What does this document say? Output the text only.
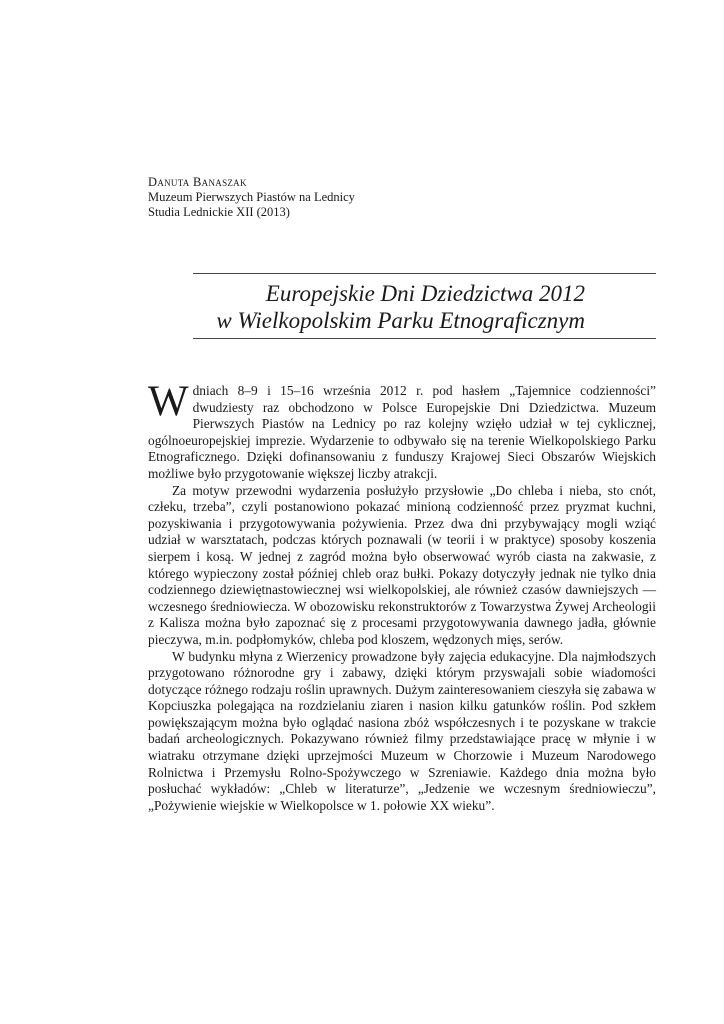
Danuta Banaszak
Muzeum Pierwszych Piastów na Lednicy
Studia Lednickie XII (2013)
Europejskie Dni Dziedzictwa 2012
w Wielkopolskim Parku Etnograficznym

Wdniach 8–9 i 15–16 września 2012 r. pod hasłem „Tajemnice codzienności” dwudziesty raz obchodzono w Polsce Europejskie Dni Dziedzictwa. Muzeum Pierwszych Piastów na Lednicy po raz kolejny wzięło udział w tej cyklicznej, ogólnoeuropejskiej imprezie. Wydarzenie to odbywało się na terenie Wielkopolskiego Parku Etnograficznego. Dzięki dofinansowaniu z funduszy Krajowej Sieci Obszarów Wiejskich możliwe było przygotowanie większej liczby atrakcji.

Za motyw przewodni wydarzenia posłużyło przysłowie „Do chleba i nieba, sto cnót, człeku, trzeba”, czyli postanowiono pokazać minioną codzienność przez pryzmat kuchni, pozyskiwania i przygotowywania pożywienia. Przez dwa dni przybywający mogli wziąć udział w warsztatach, podczas których poznawali (w teorii i w praktyce) sposoby koszenia sierpem i kosą. W jednej z zagród można było obserwować wyrób ciasta na zakwasie, z którego wypieczony został później chleb oraz bułki. Pokazy dotyczyły jednak nie tylko dnia codziennego dziewiętnastowiecznej wsi wielkopolskiej, ale również czasów dawniejszych — wczesnego średniowiecza. W obozowisku rekonstruktorów z Towarzystwa Żywej Archeologii z Kalisza można było zapoznać się z procesami przygotowywania dawnego jadła, głównie pieczywa, m.in. podpłomyków, chleba pod kloszem, wędzonych mięs, serów.

W budynku młyna z Wierzenicy prowadzone były zajęcia edukacyjne. Dla najmłodszych przygotowano różnorodne gry i zabawy, dzięki którym przyswajali sobie wiadomości dotyczące różnego rodzaju roślin uprawnych. Dużym zainteresowaniem cieszyła się zabawa w Kopciuszka polegająca na rozdzielaniu ziaren i nasion kilku gatunków roślin. Pod szkłem powiększającym można było oglądać nasiona zbóż współczesnych i te pozyskane w trakcie badań archeologicznych. Pokazywano również filmy przedstawiające pracę w młynie i w wiatraku otrzymane dzięki uprzejmości Muzeum w Chorzowie i Muzeum Narodowego Rolnictwa i Przemysłu Rolno-Spożywczego w Szreniawie. Każdego dnia można było posłuchać wykładów: „Chleb w literaturze”, „Jedzenie we wczesnym średniowieczu”, „Pożywienie wiejskie w Wielkopolsce w 1. połowie XX wieku”.
